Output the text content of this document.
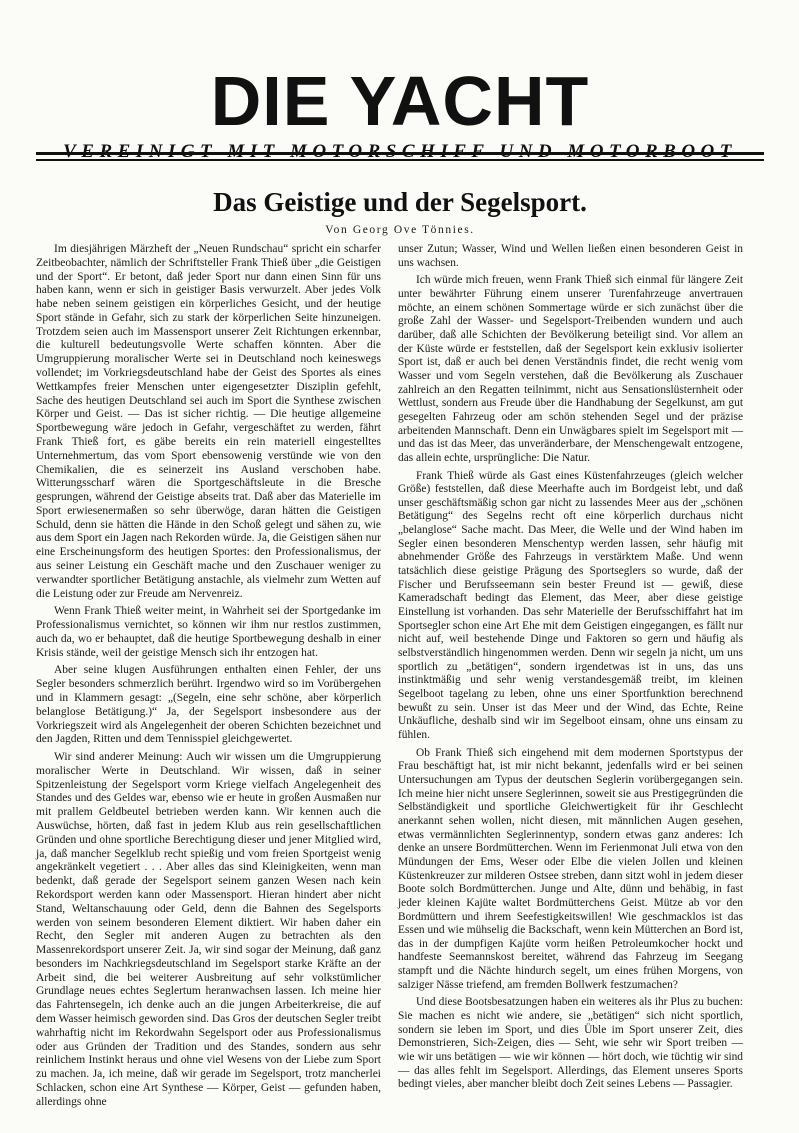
DIE YACHT
Das Geistige und der Segelsport.
Von Georg Ove Tönnies.

Im diesjährigen Märzheft der „Neuen Rundschau“ spricht ein scharfer Zeitbeobachter, nämlich der Schriftsteller Frank Thieß über „die Geistigen und der Sport“. Er betont, daß jeder Sport nur dann einen Sinn für uns haben kann, wenn er sich in geistiger Basis verwurzelt. Aber jedes Volk habe neben seinem geistigen ein körperliches Gesicht, und der heutige Sport stände in Gefahr, sich zu stark der körperlichen Seite hinzuneigen. Trotzdem seien auch im Massensport unserer Zeit Richtungen erkennbar, die kulturell bedeutungsvolle Werte schaffen könnten. Aber die Umgruppierung moralischer Werte sei in Deutschland noch keineswegs vollendet; im Vorkriegsdeutschland habe der Geist des Sportes als eines Wettkampfes freier Menschen unter eigengesetzter Disziplin gefehlt, Sache des heutigen Deutschland sei auch im Sport die Synthese zwischen Körper und Geist. — Das ist sicher richtig. — Die heutige allgemeine Sportbewegung wäre jedoch in Gefahr, vergeschäftet zu werden, fährt Frank Thieß fort, es gäbe bereits ein rein materiell eingestelltes Unternehmertum, das vom Sport ebensowenig verstünde wie von den Chemikalien, die es seinerzeit ins Ausland verschoben habe. Witterungsscharf wären die Sportgeschäftsleute in die Bresche gesprungen, während der Geistige abseits trat. Daß aber das Materielle im Sport erwiesenermaßen so sehr überwöge, daran hätten die Geistigen Schuld, denn sie hätten die Hände in den Schoß gelegt und sähen zu, wie aus dem Sport ein Jagen nach Rekorden würde. Ja, die Geistigen sähen nur eine Erscheinungsform des heutigen Sportes: den Professionalismus, der aus seiner Leistung ein Geschäft mache und den Zuschauer weniger zu verwandter sportlicher Betätigung anstachle, als vielmehr zum Wetten auf die Leistung oder zur Freude am Nervenreiz.

Wenn Frank Thieß weiter meint, in Wahrheit sei der Sportgedanke im Professionalismus vernichtet, so können wir ihm nur restlos zustimmen, auch da, wo er behauptet, daß die heutige Sportbewegung deshalb in einer Krisis stände, weil der geistige Mensch sich ihr entzogen hat.

Aber seine klugen Ausführungen enthalten einen Fehler, der uns Segler besonders schmerzlich berührt. Irgendwo wird so im Vorübergehen und in Klammern gesagt: „(Segeln, eine sehr schöne, aber körperlich belanglose Betätigung.)“ Ja, der Segelsport insbesondere aus der Vorkriegszeit wird als Angelegenheit der oberen Schichten bezeichnet und den Jagden, Ritten und dem Tennisspiel gleichgewertet.

Wir sind anderer Meinung: Auch wir wissen um die Umgruppierung moralischer Werte in Deutschland. Wir wissen, daß in seiner Spitzenleistung der Segelsport vorm Kriege vielfach Angelegenheit des Standes und des Geldes war, ebenso wie er heute in großen Ausmaßen nur mit prallem Geldbeutel betrieben werden kann. Wir kennen auch die Auswüchse, hörten, daß fast in jedem Klub aus rein gesellschaftlichen Gründen und ohne sportliche Berechtigung dieser und jener Mitglied wird, ja, daß mancher Segelklub recht spießig und vom freien Sportgeist wenig angekränkelt vegetiert . . . Aber alles das sind Kleinigkeiten, wenn man bedenkt, daß gerade der Segelsport seinem ganzen Wesen nach kein Rekordsport werden kann oder Massensport. Hieran hindert aber nicht Stand, Weltanschauung oder Geld, denn die Bahnen des Segelsports werden von seinem besonderen Element diktiert. Wir haben daher ein Recht, den Segler mit anderen Augen zu betrachten als den Massenrekordsport unserer Zeit. Ja, wir sind sogar der Meinung, daß ganz besonders im Nachkriegsdeutschland im Segelsport starke Kräfte an der Arbeit sind, die bei weiterer Ausbreitung auf sehr volkstümlicher Grundlage neues echtes Seglertum heranwachsen lassen. Ich meine hier das Fahrtensegeln, ich denke auch an die jungen Arbeiterkreise, die auf dem Wasser heimisch geworden sind. Das Gros der deutschen Segler treibt wahrhaftig nicht im Rekordwahn Segelsport oder aus Professionalismus oder aus Gründen der Tradition und des Standes, sondern aus sehr reinlichem Instinkt heraus und ohne viel Wesens von der Liebe zum Sport zu machen. Ja, ich meine, daß wir gerade im Segelsport, trotz mancherlei Schlacken, schon eine Art Synthese — Körper, Geist — gefunden haben, allerdings ohne

unser Zutun; Wasser, Wind und Wellen ließen einen besonderen Geist in uns wachsen.

Ich würde mich freuen, wenn Frank Thieß sich einmal für längere Zeit unter bewährter Führung einem unserer Turenfahrzeuge anvertrauen möchte, an einem schönen Sommertage würde er sich zunächst über die große Zahl der Wasser- und Segelsport-Treibenden wundern und auch darüber, daß alle Schichten der Bevölkerung beteiligt sind. Vor allem an der Küste würde er feststellen, daß der Segelsport kein exklusiv isolierter Sport ist, daß er auch bei denen Verständnis findet, die recht wenig vom Wasser und vom Segeln verstehen, daß die Bevölkerung als Zuschauer zahlreich an den Regatten teilnimmt, nicht aus Sensationslüsternheit oder Wettlust, sondern aus Freude über die Handhabung der Segelkunst, am gut gesegelten Fahrzeug oder am schön stehenden Segel und der präzise arbeitenden Mannschaft. Denn ein Unwägbares spielt im Segelsport mit — und das ist das Meer, das unveränderbare, der Menschengewalt entzogene, das allein echte, ursprüngliche: Die Natur.

Frank Thieß würde als Gast eines Küstenfahrzeuges (gleich welcher Größe) feststellen, daß diese Meerhafte auch im Bordgeist lebt, und daß unser geschäftsmäßig schon gar nicht zu lassendes Meer aus der „schönen Betätigung“ des Segelns recht oft eine körperlich durchaus nicht „belanglose“ Sache macht. Das Meer, die Welle und der Wind haben im Segler einen besonderen Menschentyp werden lassen, sehr häufig mit abnehmender Größe des Fahrzeugs in verstärktem Maße. Und wenn tatsächlich diese geistige Prägung des Sportseglers so wurde, daß der Fischer und Berufsseemann sein bester Freund ist — gewiß, diese Kameradschaft bedingt das Element, das Meer, aber diese geistige Einstellung ist vorhanden. Das sehr Materielle der Berufsschiffahrt hat im Sportsegler schon eine Art Ehe mit dem Geistigen eingegangen, es fällt nur nicht auf, weil bestehende Dinge und Faktoren so gern und häufig als selbstverständlich hingenommen werden. Denn wir segeln ja nicht, um uns sportlich zu „betätigen“, sondern irgendetwas ist in uns, das uns instinktmäßig und sehr wenig verstandesgemäß treibt, im kleinen Segelboot tagelang zu leben, ohne uns einer Sportfunktion berechnend bewußt zu sein. Unser ist das Meer und der Wind, das Echte, Reine Unkäufliche, deshalb sind wir im Segelboot einsam, ohne uns einsam zu fühlen.

Ob Frank Thieß sich eingehend mit dem modernen Sportstypus der Frau beschäftigt hat, ist mir nicht bekannt, jedenfalls wird er bei seinen Untersuchungen am Typus der deutschen Seglerin vorübergegangen sein. Ich meine hier nicht unsere Seglerinnen, soweit sie aus Prestigegründen die Selbständigkeit und sportliche Gleichwertigkeit für ihr Geschlecht anerkannt sehen wollen, nicht diesen, mit männlichen Augen gesehen, etwas vermännlichten Seglerinnentyp, sondern etwas ganz anderes: Ich denke an unsere Bordmütterchen. Wenn im Ferienmonat Juli etwa von den Mündungen der Ems, Weser oder Elbe die vielen Jollen und kleinen Küstenkreuzer zur milderen Ostsee streben, dann sitzt wohl in jedem dieser Boote solch Bordmütterchen. Junge und Alte, dünn und behäbig, in fast jeder kleinen Kajüte waltet Bordmütterchens Geist. Mütze ab vor den Bordmüttern und ihrem Seefestigkeitswillen! Wie geschmacklos ist das Essen und wie mühselig die Backschaft, wenn kein Mütterchen an Bord ist, das in der dumpfigen Kajüte vorm heißen Petroleumkocher hockt und handfeste Seemannskost bereitet, während das Fahrzeug im Seegang stampft und die Nächte hindurch segelt, um eines frühen Morgens, von salziger Nässe triefend, am fremden Bollwerk festzumachen?

Und diese Bootsbesatzungen haben ein weiteres als ihr Plus zu buchen: Sie machen es nicht wie andere, sie „betätigen“ sich nicht sportlich, sondern sie leben im Sport, und dies Üble im Sport unserer Zeit, dies Demonstrieren, Sich-Zeigen, dies — Seht, wie sehr wir Sport treiben — wie wir uns betätigen — wie wir können — hört doch, wie tüchtig wir sind — das alles fehlt im Segelsport. Allerdings, das Element unseres Sports bedingt vieles, aber mancher bleibt doch Zeit seines Lebens — Passagier.
